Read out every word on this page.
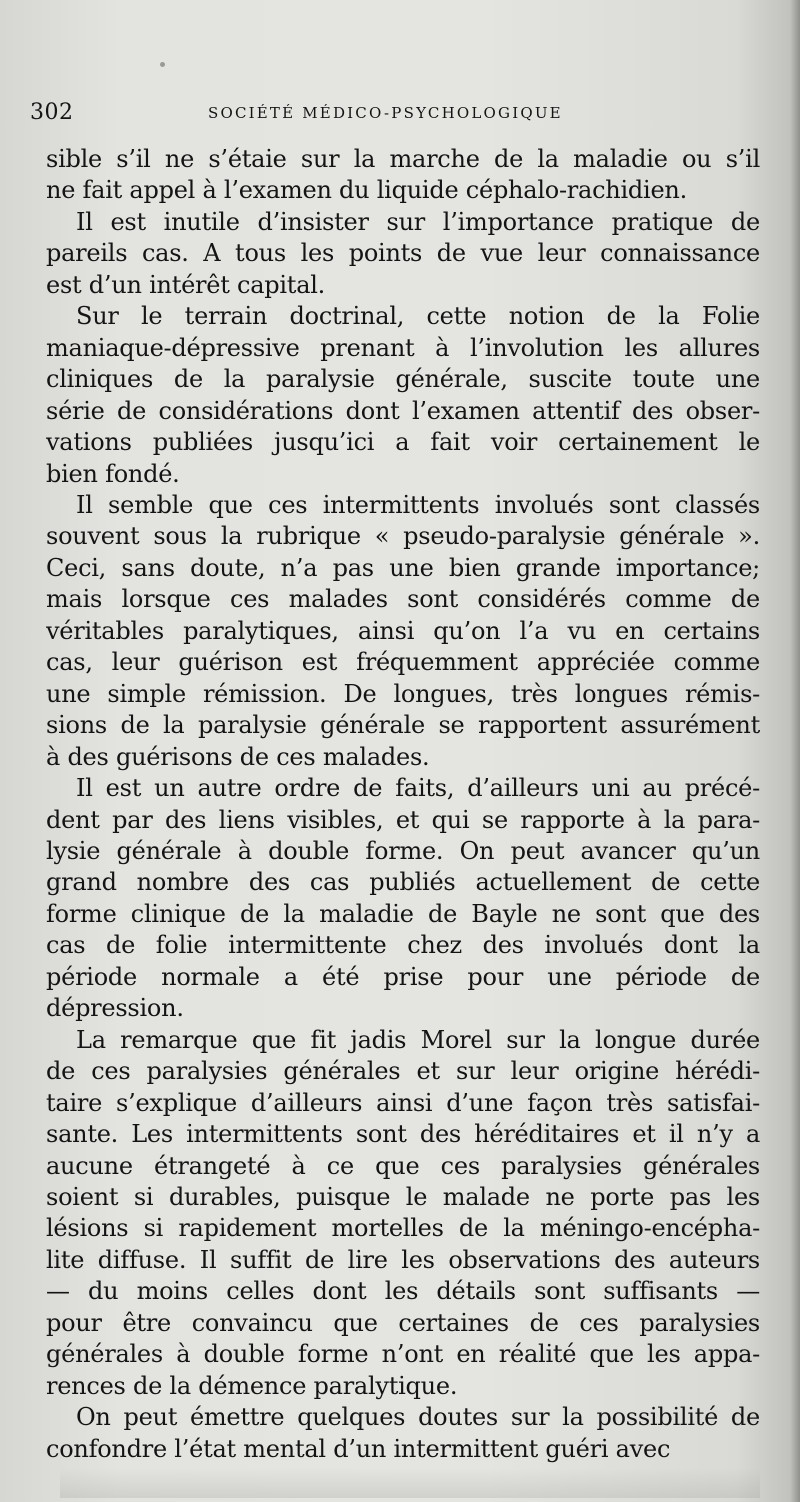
302	SOCIÉTÉ MÉDICO-PSYCHOLOGIQUE
sible s’il ne s’étaie sur la marche de la maladie ou s’il
ne fait appel à l’examen du liquide céphalo-rachidien.
Il est inutile d’insister sur l’importance pratique de
pareils cas. A tous les points de vue leur connaissance
est d’un intérêt capital.
Sur le terrain doctrinal, cette notion de la Folie
maniaque-dépressive prenant à l’involution les allures
cliniques de la paralysie générale, suscite toute une
série de considérations dont l’examen attentif des obser-
vations publiées jusqu’ici a fait voir certainement le
bien fondé.
Il semble que ces intermittents involués sont classés
souvent sous la rubrique « pseudo-paralysie générale ».
Ceci, sans doute, n’a pas une bien grande importance;
mais lorsque ces malades sont considérés comme de
véritables paralytiques, ainsi qu’on l’a vu en certains
cas, leur guérison est fréquemment appréciée comme
une simple rémission. De longues, très longues rémis-
sions de la paralysie générale se rapportent assurément
à des guérisons de ces malades.
Il est un autre ordre de faits, d’ailleurs uni au précé-
dent par des liens visibles, et qui se rapporte à la para-
lysie générale à double forme. On peut avancer qu’un
grand nombre des cas publiés actuellement de cette
forme clinique de la maladie de Bayle ne sont que des
cas de folie intermittente chez des involués dont la
période normale a été prise pour une période de
dépression.
La remarque que fit jadis Morel sur la longue durée
de ces paralysies générales et sur leur origine hérédi-
taire s’explique d’ailleurs ainsi d’une façon très satisfai-
sante. Les intermittents sont des héréditaires et il n’y a
aucune étrangeté à ce que ces paralysies générales
soient si durables, puisque le malade ne porte pas les
lésions si rapidement mortelles de la méningo-encépha-
lite diffuse. Il suffit de lire les observations des auteurs
— du moins celles dont les détails sont suffisants —
pour être convaincu que certaines de ces paralysies
générales à double forme n’ont en réalité que les appa-
rences de la démence paralytique.
On peut émettre quelques doutes sur la possibilité de
confondre l’état mental d’un intermittent guéri avec
